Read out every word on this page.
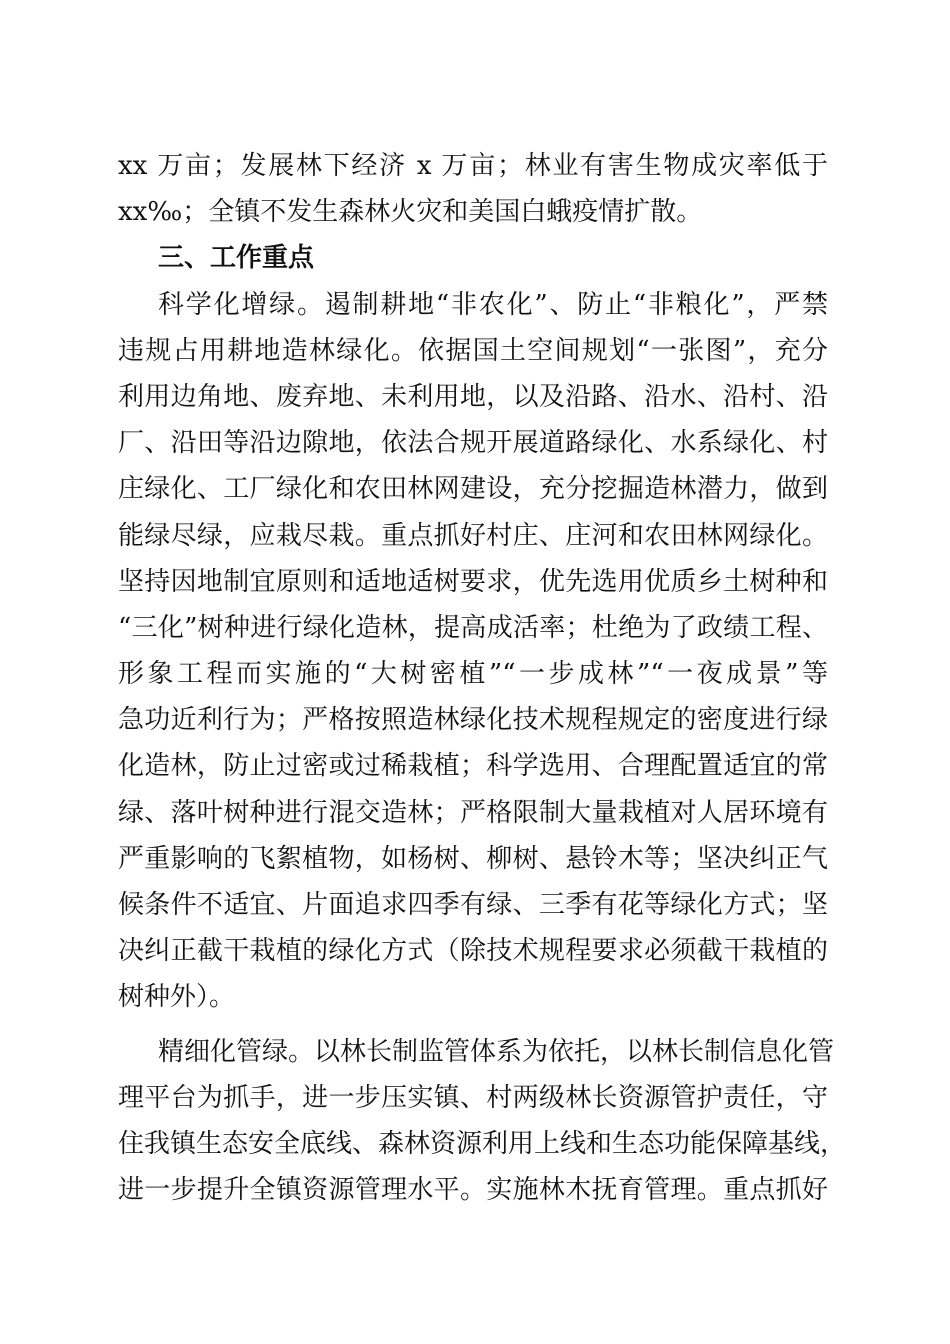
xx 万亩；发展林下经济 x 万亩；林业有害生物成灾率低于
xx‰；全镇不发生森林火灾和美国白蛾疫情扩散。
三、工作重点
科学化增绿。遏制耕地“非农化”、防止“非粮化”，严禁
违规占用耕地造林绿化。依据国土空间规划“一张图”，充分
利用边角地、废弃地、未利用地，以及沿路、沿水、沿村、沿
厂、沿田等沿边隙地，依法合规开展道路绿化、水系绿化、村
庄绿化、工厂绿化和农田林网建设，充分挖掘造林潜力，做到
能绿尽绿，应栽尽栽。重点抓好村庄、庄河和农田林网绿化。
坚持因地制宜原则和适地适树要求，优先选用优质乡土树种和
“三化”树种进行绿化造林，提高成活率；杜绝为了政绩工程、
形象工程而实施的“大树密植”“一步成林”“一夜成景”等
急功近利行为；严格按照造林绿化技术规程规定的密度进行绿
化造林，防止过密或过稀栽植；科学选用、合理配置适宜的常
绿、落叶树种进行混交造林；严格限制大量栽植对人居环境有
严重影响的飞絮植物，如杨树、柳树、悬铃木等；坚决纠正气
候条件不适宜、片面追求四季有绿、三季有花等绿化方式；坚
决纠正截干栽植的绿化方式（除技术规程要求必须截干栽植的
树种外）。
精细化管绿。以林长制监管体系为依托，以林长制信息化管
理平台为抓手，进一步压实镇、村两级林长资源管护责任，守
住我镇生态安全底线、森林资源利用上线和生态功能保障基线，
进一步提升全镇资源管理水平。实施林木抚育管理。重点抓好
